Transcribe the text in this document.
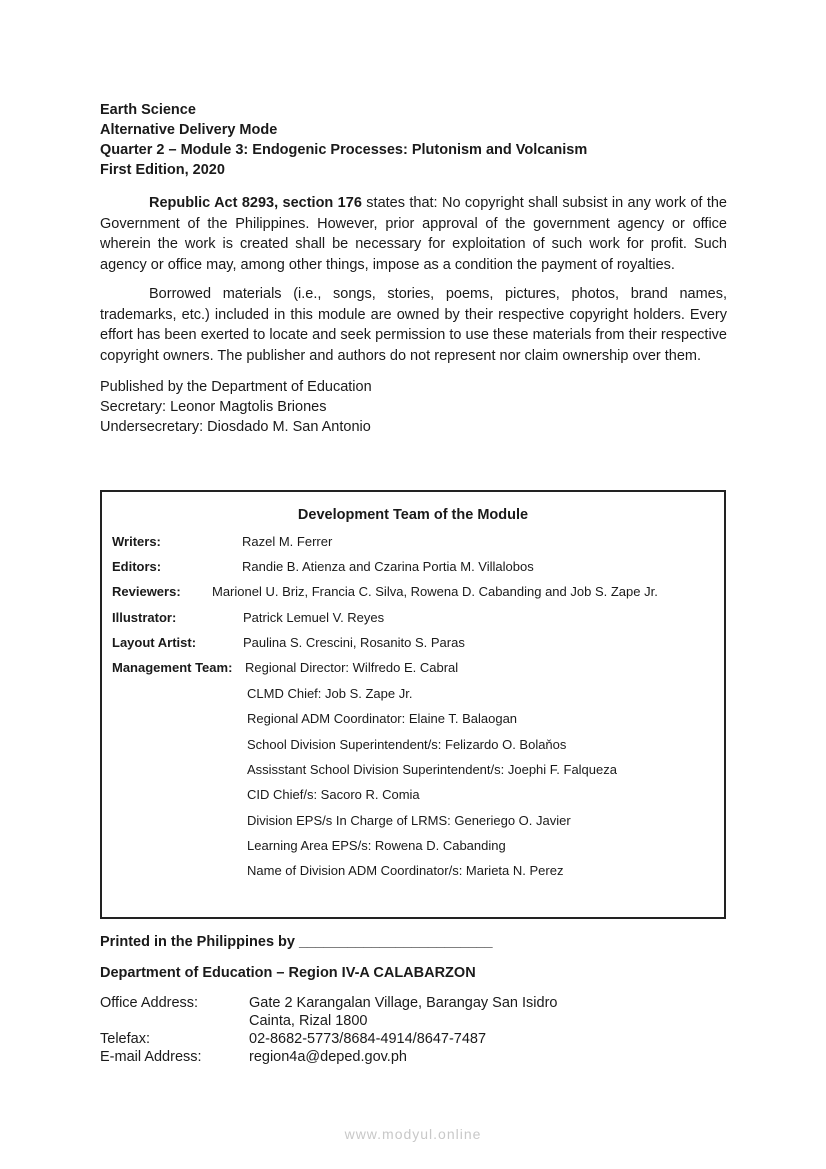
Earth Science

Alternative Delivery Mode

Quarter 2 – Module 3: Endogenic Processes: Plutonism and Volcanism

First Edition, 2020

Republic Act 8293, section 176 states that: No copyright shall subsist in any work of the Government of the Philippines. However, prior approval of the government agency or office wherein the work is created shall be necessary for exploitation of such work for profit. Such agency or office may, among other things, impose as a condition the payment of royalties.

Borrowed materials (i.e., songs, stories, poems, pictures, photos, brand names, trademarks, etc.) included in this module are owned by their respective copyright holders. Every effort has been exerted to locate and seek permission to use these materials from their respective copyright owners. The publisher and authors do not represent nor claim ownership over them.

Published by the Department of Education

Secretary: Leonor Magtolis Briones

Undersecretary: Diosdado M. San Antonio

Development Team of the Module
Writers:	Razel M. Ferrer
Editors:	Randie B. Atienza and Czarina Portia M. Villalobos
Reviewers: Marionel U. Briz, Francia C. Silva, Rowena D. Cabanding and Job S. Zape Jr.
Illustrator:	Patrick Lemuel V. Reyes
Layout Artist:	Paulina S. Crescini, Rosanito S. Paras
Management Team: Regional Director: Wilfredo E. Cabral
CLMD Chief: Job S. Zape Jr.
Regional ADM Coordinator: Elaine T. Balaogan
School Division Superintendent/s: Felizardo O. Bolaňos
Assisstant School Division Superintendent/s: Joephi F. Falqueza
CID Chief/s: Sacoro R. Comia
Division EPS/s In Charge of LRMS: Generiego O. Javier
Learning Area EPS/s: Rowena D. Cabanding
Name of Division ADM Coordinator/s: Marieta N. Perez
Printed in the Philippines by ________________________
Department of Education – Region IV-A CALABARZON
Office Address:	Gate 2 Karangalan Village, Barangay San Isidro
Cainta, Rizal 1800
Telefax:	02-8682-5773/8684-4914/8647-7487
E-mail Address:	region4a@deped.gov.ph
www.modyul.online
